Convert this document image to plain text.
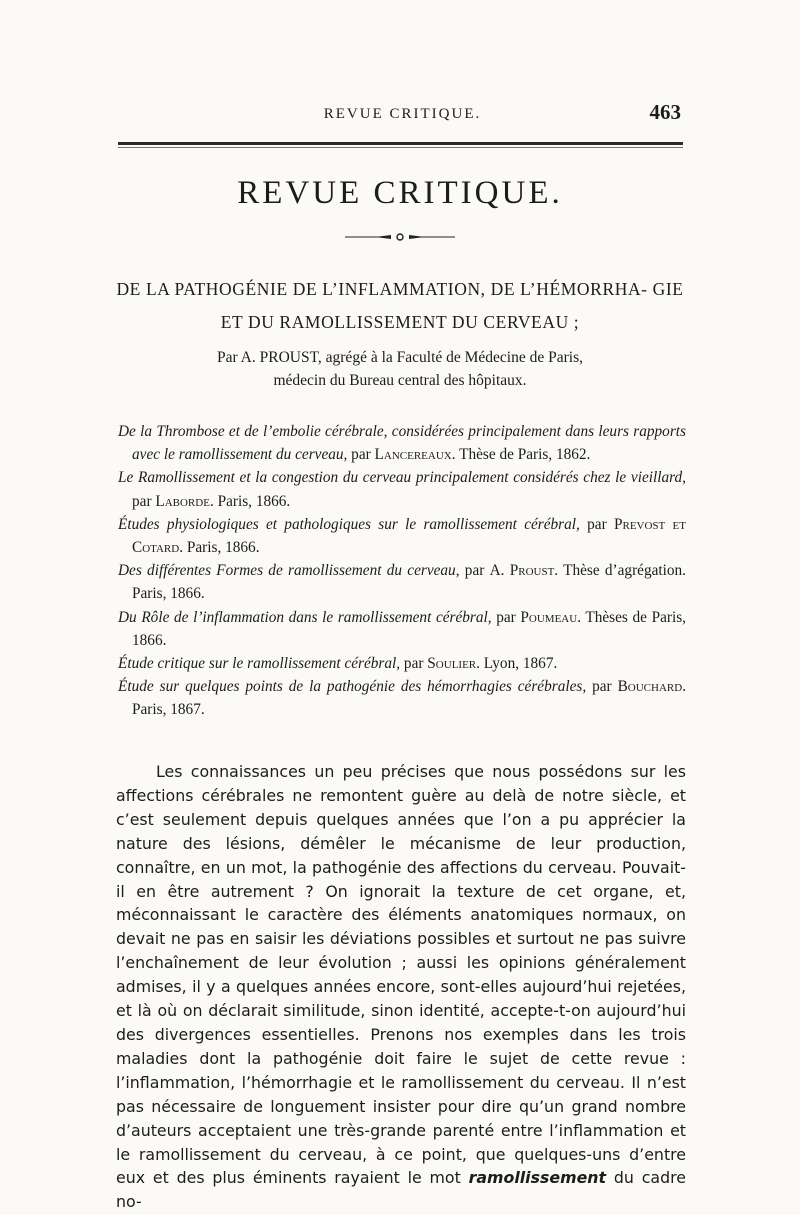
REVUE CRITIQUE.	463
REVUE CRITIQUE.
DE LA PATHOGÉNIE DE L’INFLAMMATION, DE L’HÉMORRHA- GIE ET DU RAMOLLISSEMENT DU CERVEAU ;
Par A. PROUST, agrégé à la Faculté de Médecine de Paris,
médecin du Bureau central des hôpitaux.

De la Thrombose et de l’embolie cérébrale, considérées principalement dans leurs rapports avec le ramollissement du cerveau, par Lancereaux. Thèse de Paris, 1862.

Le Ramollissement et la congestion du cerveau principalement considérés chez le vieillard, par Laborde. Paris, 1866.

Études physiologiques et pathologiques sur le ramollissement cérébral, par Prevost et Cotard. Paris, 1866.

Des différentes Formes de ramollissement du cerveau, par A. Proust. Thèse d’agrégation. Paris, 1866.

Du Rôle de l’inflammation dans le ramollissement cérébral, par Poumeau. Thèses de Paris, 1866.

Étude critique sur le ramollissement cérébral, par Soulier. Lyon, 1867.

Étude sur quelques points de la pathogénie des hémorrhagies cérébrales, par Bouchard. Paris, 1867.

Les connaissances un peu précises que nous possédons sur les affections cérébrales ne remontent guère au delà de notre siècle, et c’est seulement depuis quelques années que l’on a pu apprécier la nature des lésions, démêler le mécanisme de leur production, connaître, en un mot, la pathogénie des affections du cerveau. Pouvait-il en être autrement ? On ignorait la texture de cet organe, et, méconnaissant le caractère des éléments anatomiques normaux, on devait ne pas en saisir les déviations possibles et surtout ne pas suivre l’enchaînement de leur évolution ; aussi les opinions généralement admises, il y a quelques années encore, sont-elles aujourd’hui rejetées, et là où on déclarait similitude, sinon identité, accepte-t-on aujourd’hui des divergences essentielles. Prenons nos exemples dans les trois maladies dont la pathogénie doit faire le sujet de cette revue : l’inflammation, l’hémorrhagie et le ramollissement du cerveau. Il n’est pas nécessaire de longuement insister pour dire qu’un grand nombre d’auteurs acceptaient une très-grande parenté entre l’inflammation et le ramollissement du cerveau, à ce point, que quelques-uns d’entre eux et des plus éminents rayaient le mot ramollissement du cadre no-
